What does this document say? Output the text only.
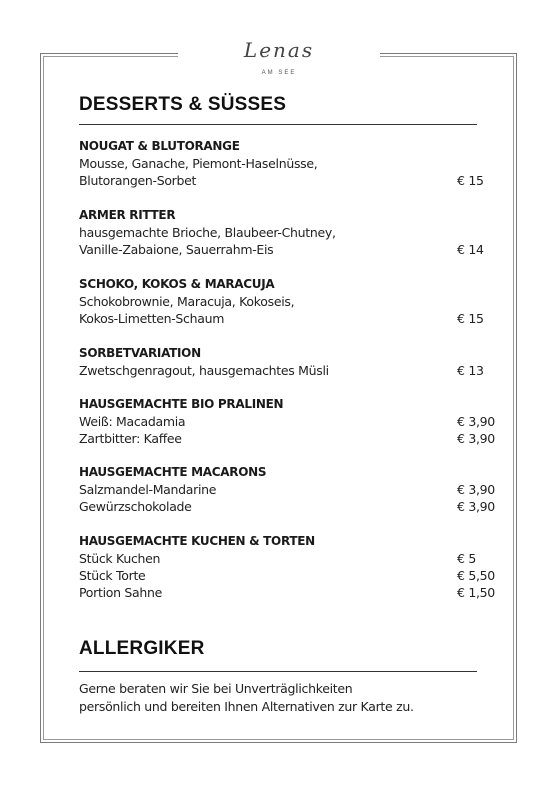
Lenas
AM SEE
DESSERTS & SÜSSES
NOUGAT & BLUTORANGE
Mousse, Ganache, Piemont-Haselnüsse,
Blutorangen-Sorbet	€ 15
ARMER RITTER
hausgemachte Brioche, Blaubeer-Chutney,
Vanille-Zabaione, Sauerrahm-Eis	€ 14
SCHOKO, KOKOS & MARACUJA
Schokobrownie, Maracuja, Kokoseis,
Kokos-Limetten-Schaum	€ 15
SORBETVARIATION
Zwetschgenragout, hausgemachtes Müsli	€ 13
HAUSGEMACHTE BIO PRALINEN
Weiß: Macadamia	€ 3,90
Zartbitter: Kaffee	€ 3,90
HAUSGEMACHTE MACARONS
Salzmandel-Mandarine	€ 3,90
Gewürzschokolade	€ 3,90
HAUSGEMACHTE KUCHEN & TORTEN
Stück Kuchen	€ 5
Stück Torte	€ 5,50
Portion Sahne	€ 1,50
ALLERGIKER
Gerne beraten wir Sie bei Unverträglichkeiten
persönlich und bereiten Ihnen Alternativen zur Karte zu.
